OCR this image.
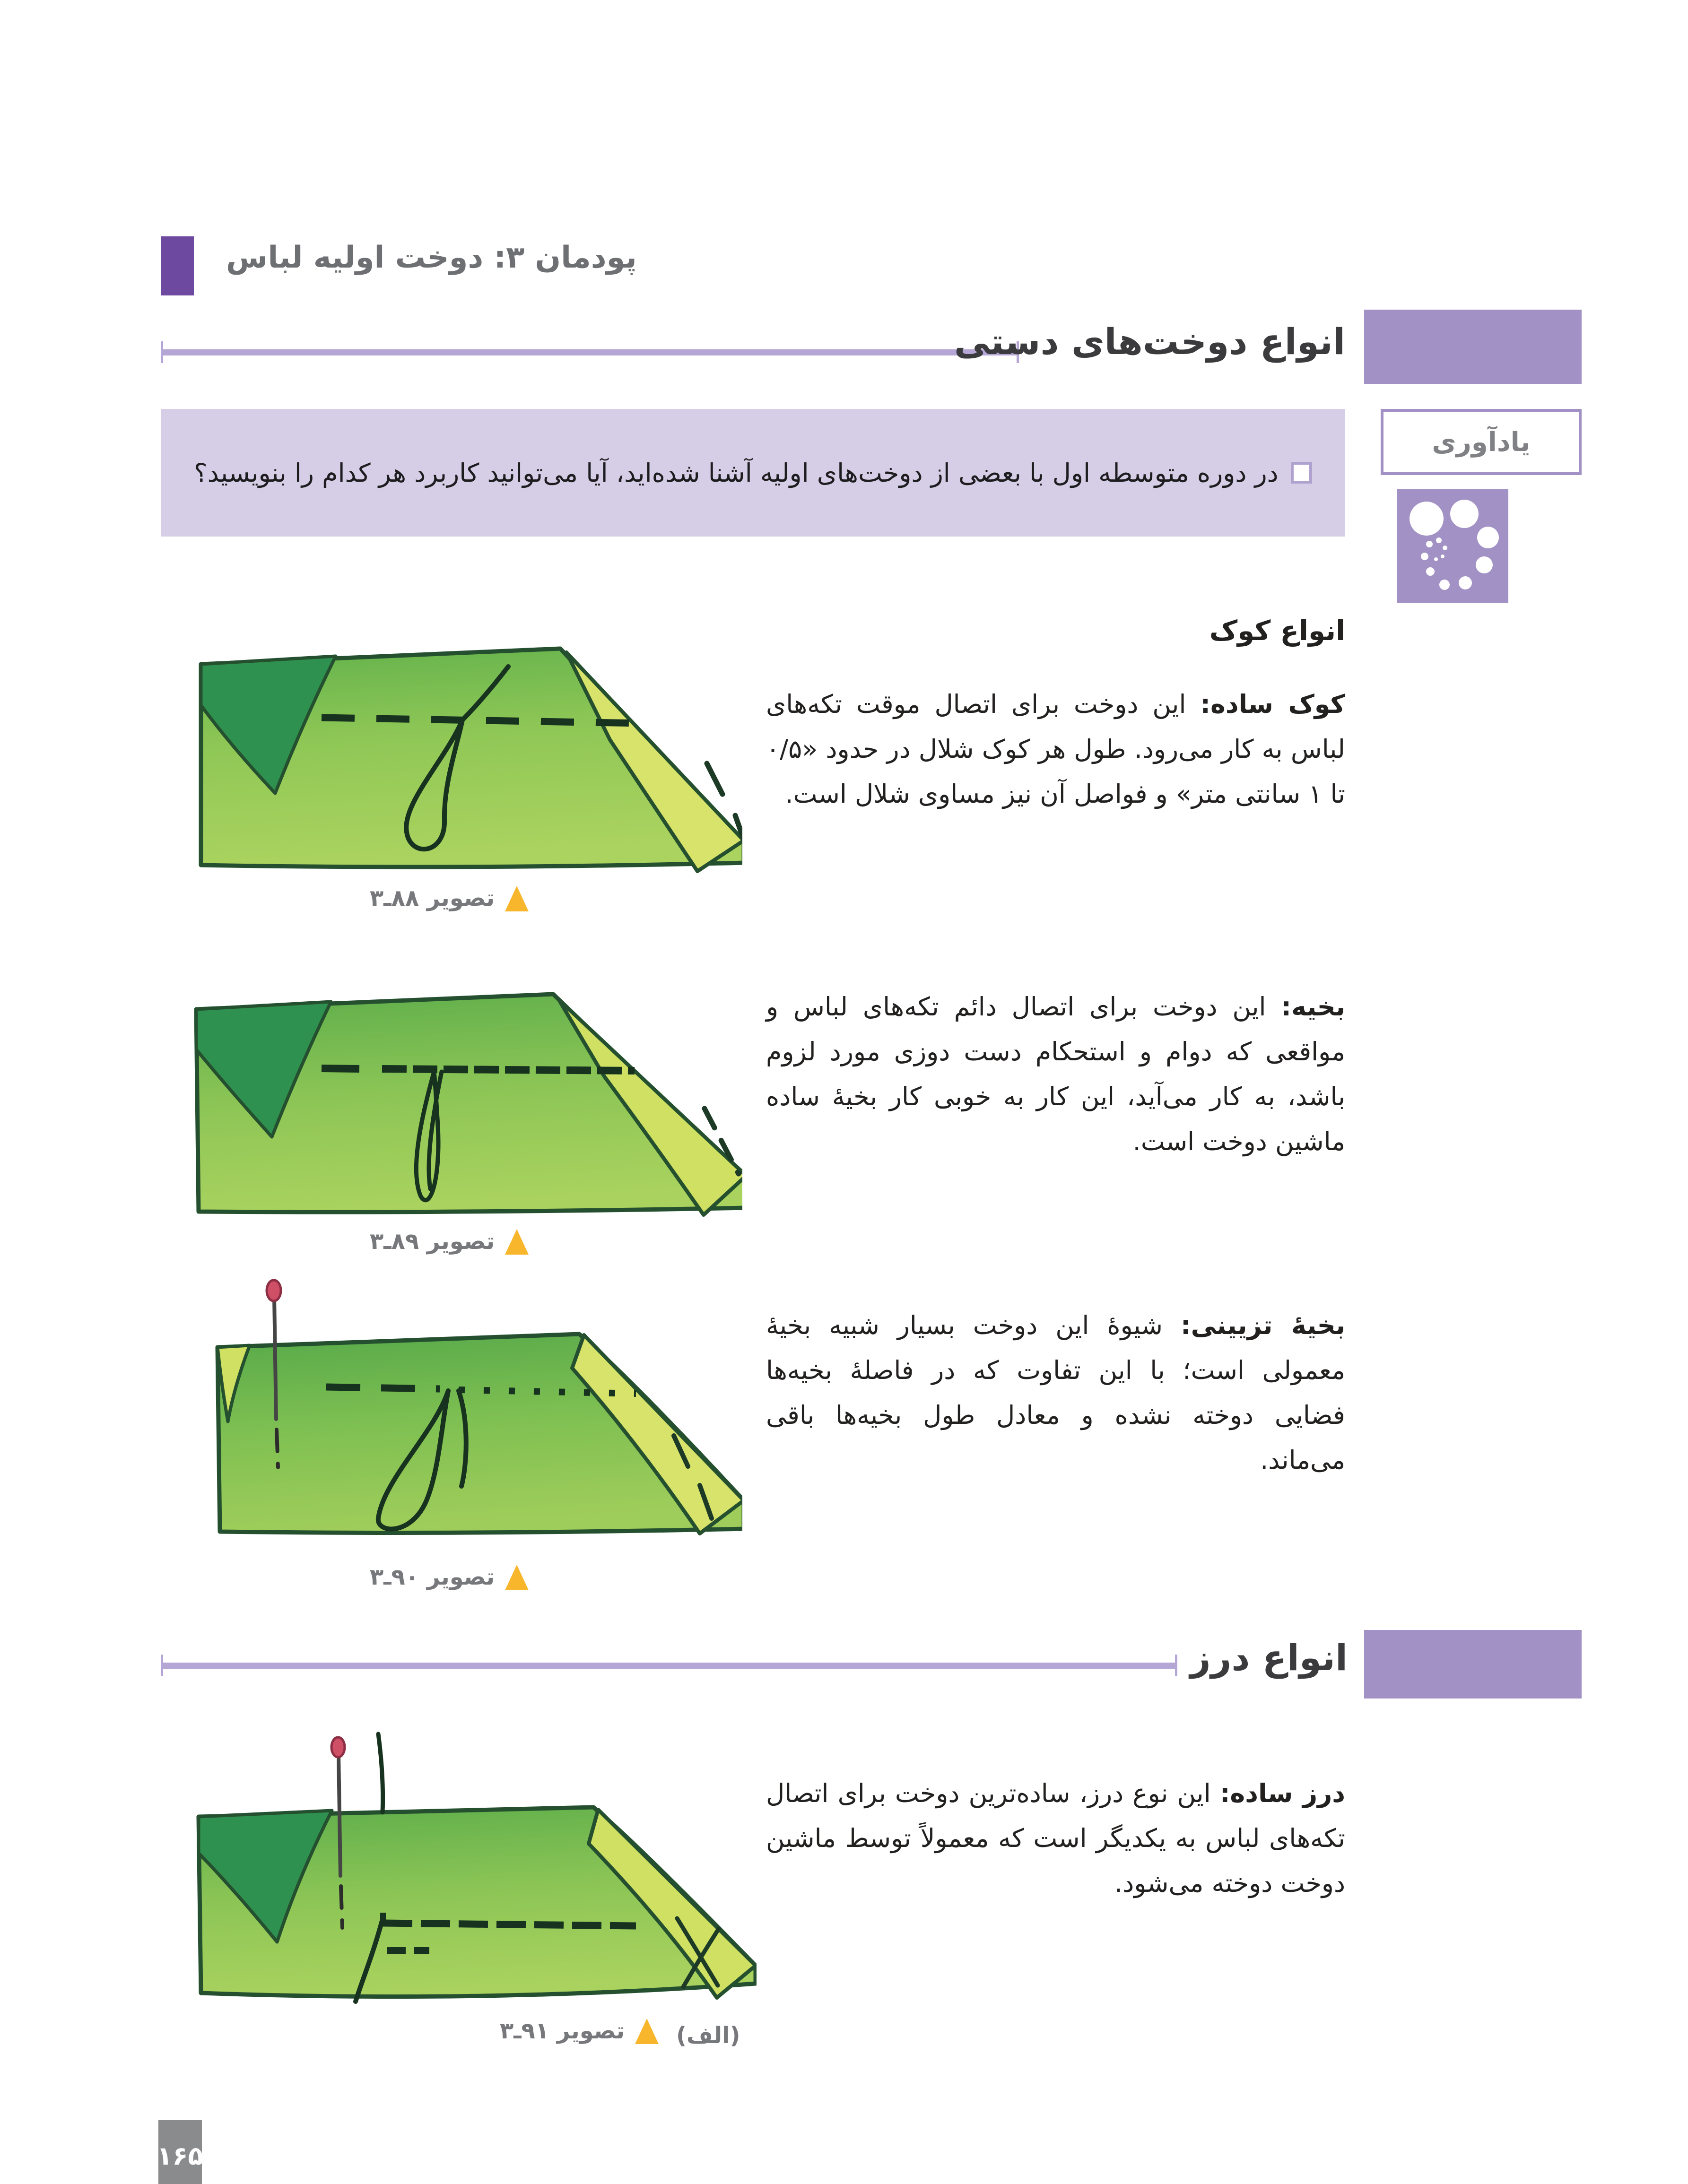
پودمان ۳: دوخت اولیه لباس
انواع دوخت‌های دستی
در دوره متوسطه اول با بعضی از دوخت‌های اولیه آشنا شده‌اید، آیا می‌توانید کاربرد هر کدام را بنویسید؟
یادآوری
انواع کوک

کوک ساده: این دوخت برای اتصال موقت تکه‌های لباس به کار می‌رود. طول هر کوک شلال در حدود «۰/۵ تا ۱ سانتی متر» و فواصل آن نیز مساوی شلال است.

بخیه: این دوخت برای اتصال دائم تکه‌های لباس و مواقعی که دوام و استحکام دست دوزی مورد لزوم باشد، به کار می‌آید، این کار به خوبی کار بخیهٔ ساده ماشین دوخت است.

بخیهٔ تزیینی: شیوهٔ این دوخت بسیار شبیه بخیهٔ معمولی است؛ با این تفاوت که در فاصلهٔ بخیه‌ها فضایی دوخته نشده و معادل طول بخیه‌ها باقی می‌ماند.

تصویر ۸۸ـ۳
تصویر ۸۹ـ۳
تصویر ۹۰ـ۳
انواع درز

درز ساده: این نوع درز، ساده‌ترین دوخت برای اتصال تکه‌های لباس به یکدیگر است که معمولاً توسط ماشین دوخت دوخته می‌شود.

تصویر ۹۱ـ۳ (الف)
۱۶۵
